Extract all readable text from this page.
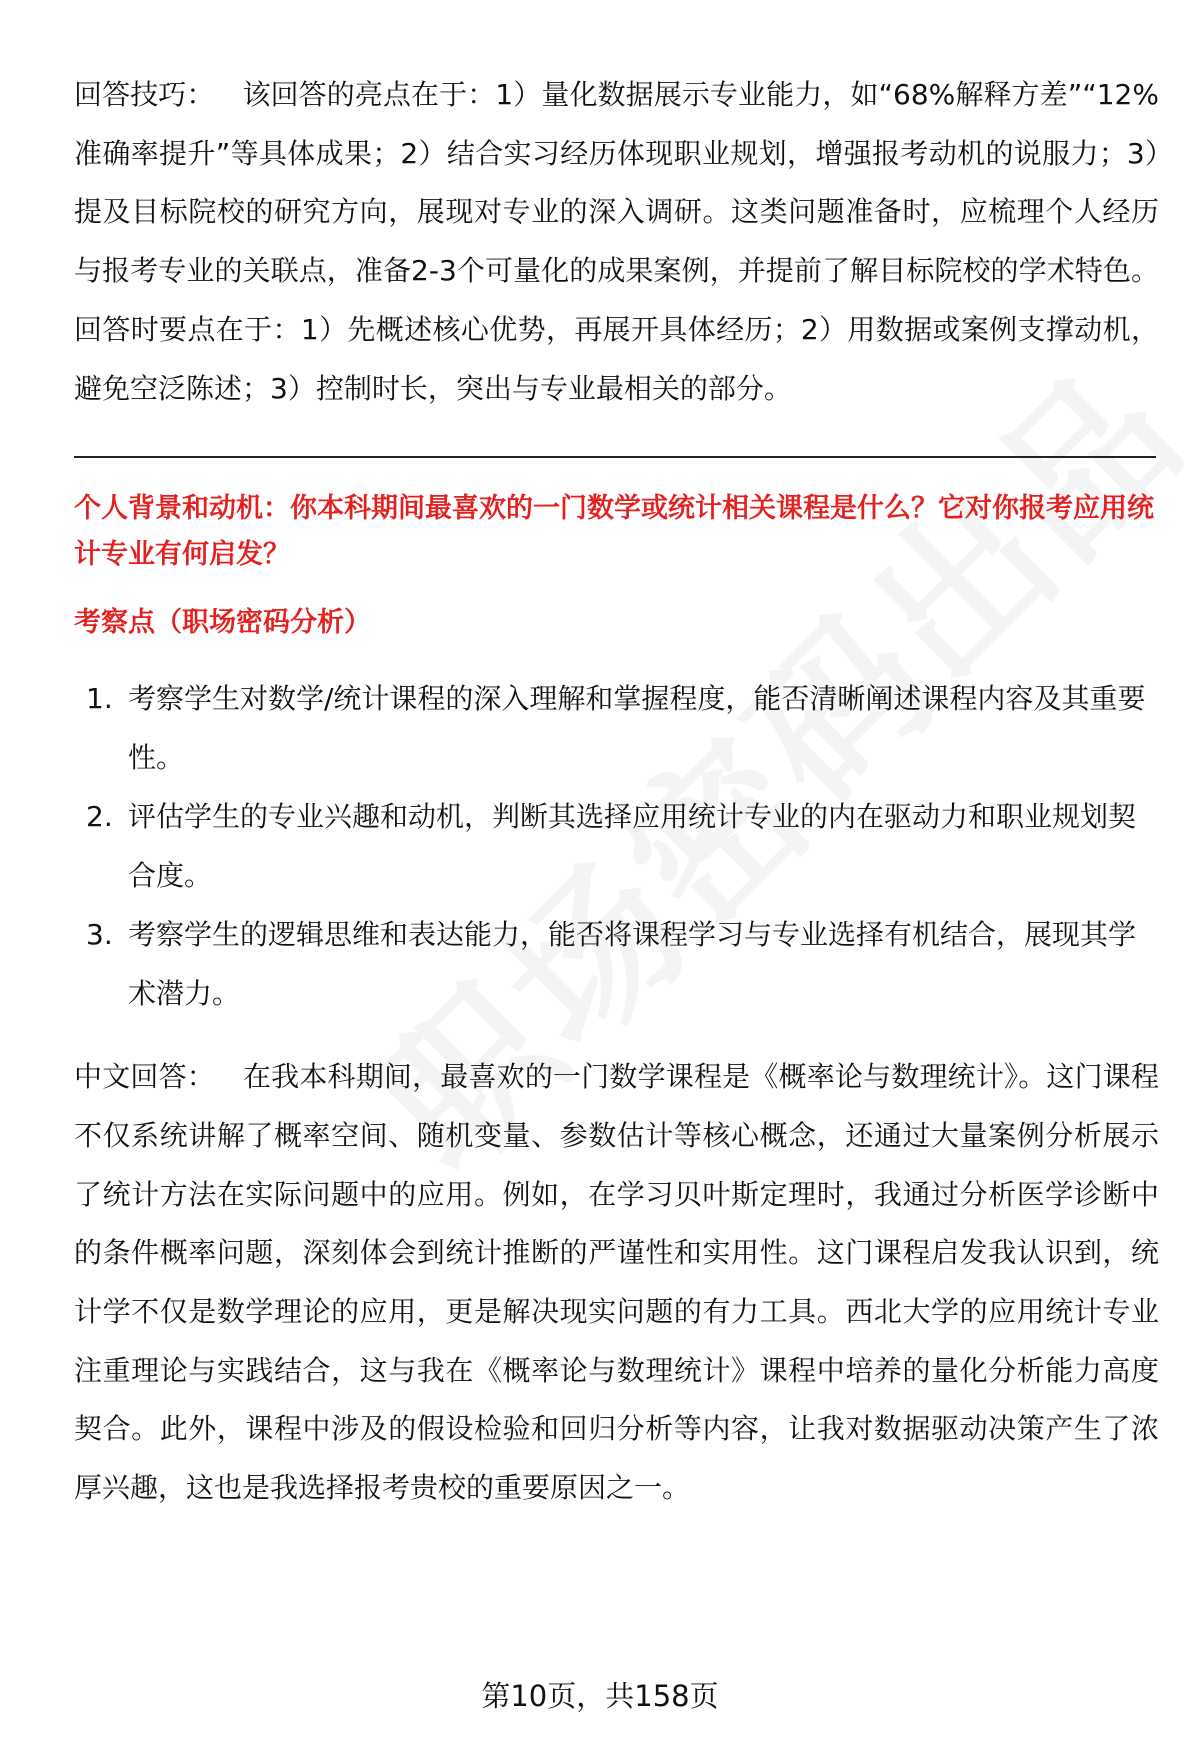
回答技巧： 该回答的亮点在于：1）量化数据展示专业能力，如“68%解释方差”“12%准确率提升”等具体成果；2）结合实习经历体现职业规划，增强报考动机的说服力；3）提及目标院校的研究方向，展现对专业的深入调研。这类问题准备时，应梳理个人经历与报考专业的关联点，准备2-3个可量化的成果案例，并提前了解目标院校的学术特色。回答时要点在于：1）先概述核心优势，再展开具体经历；2）用数据或案例支撑动机，避免空泛陈述；3）控制时长，突出与专业最相关的部分。

个人背景和动机：你本科期间最喜欢的一门数学或统计相关课程是什么？它对你报考应用统计专业有何启发？

考察点（职场密码分析）

1. 考察学生对数学/统计课程的深入理解和掌握程度，能否清晰阐述课程内容及其重要性。
2. 评估学生的专业兴趣和动机，判断其选择应用统计专业的内在驱动力和职业规划契合度。
3. 考察学生的逻辑思维和表达能力，能否将课程学习与专业选择有机结合，展现其学术潜力。

中文回答： 在我本科期间，最喜欢的一门数学课程是《概率论与数理统计》。这门课程不仅系统讲解了概率空间、随机变量、参数估计等核心概念，还通过大量案例分析展示了统计方法在实际问题中的应用。例如，在学习贝叶斯定理时，我通过分析医学诊断中的条件概率问题，深刻体会到统计推断的严谨性和实用性。这门课程启发我认识到，统计学不仅是数学理论的应用，更是解决现实问题的有力工具。西北大学的应用统计专业注重理论与实践结合，这与我在《概率论与数理统计》课程中培养的量化分析能力高度契合。此外，课程中涉及的假设检验和回归分析等内容，让我对数据驱动决策产生了浓厚兴趣，这也是我选择报考贵校的重要原因之一。

第10页，共158页
